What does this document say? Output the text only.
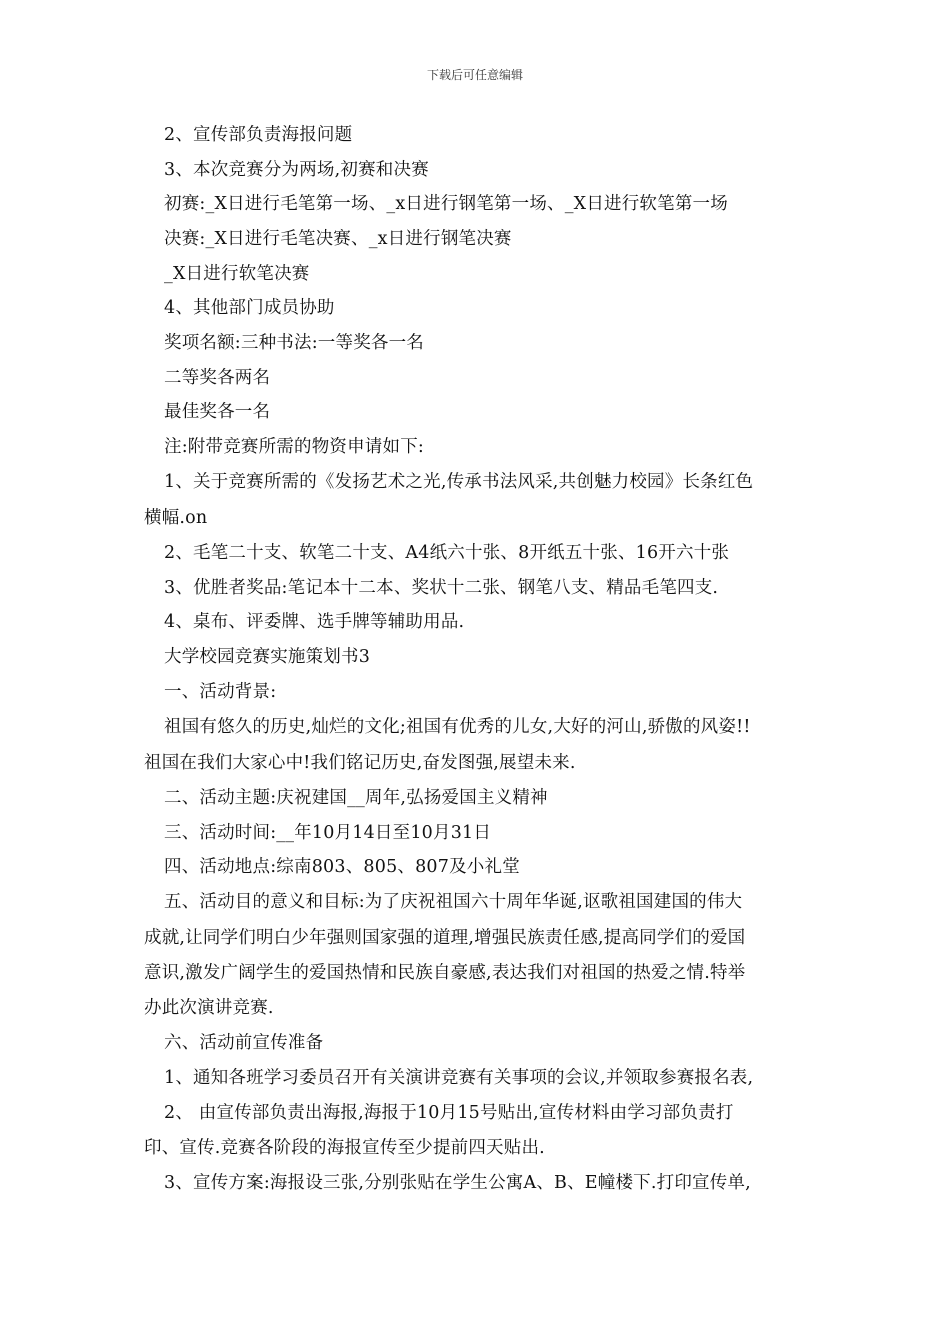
下载后可任意编辑
2、宣传部负责海报问题
3、本次竞赛分为两场,初赛和决赛
初赛:_X日进行毛笔第一场、_x日进行钢笔第一场、_X日进行软笔第一场
决赛:_X日进行毛笔决赛、_x日进行钢笔决赛
_X日进行软笔决赛
4、其他部门成员协助
奖项名额:三种书法:一等奖各一名
二等奖各两名
最佳奖各一名
注:附带竞赛所需的物资申请如下:
1、关于竞赛所需的《发扬艺术之光,传承书法风采,共创魅力校园》长条红色
横幅.on
2、毛笔二十支、软笔二十支、A4纸六十张、8开纸五十张、16开六十张
3、优胜者奖品:笔记本十二本、奖状十二张、钢笔八支、精品毛笔四支.
4、桌布、评委牌、选手牌等辅助用品.
大学校园竞赛实施策划书3
一、活动背景:
祖国有悠久的历史,灿烂的文化;祖国有优秀的儿女,大好的河山,骄傲的风姿!!
祖国在我们大家心中!我们铭记历史,奋发图强,展望未来.
二、活动主题:庆祝建国__周年,弘扬爱国主义精神
三、活动时间:__年10月14日至10月31日
四、活动地点:综南803、805、807及小礼堂
五、活动目的意义和目标:为了庆祝祖国六十周年华诞,讴歌祖国建国的伟大
成就,让同学们明白少年强则国家强的道理,增强民族责任感,提高同学们的爱国
意识,激发广阔学生的爱国热情和民族自豪感,表达我们对祖国的热爱之情.特举
办此次演讲竞赛.
六、活动前宣传准备
1、通知各班学习委员召开有关演讲竞赛有关事项的会议,并领取参赛报名表,
2、 由宣传部负责出海报,海报于10月15号贴出,宣传材料由学习部负责打
印、宣传.竞赛各阶段的海报宣传至少提前四天贴出.
3、宣传方案:海报设三张,分别张贴在学生公寓A、B、E幢楼下.打印宣传单,
